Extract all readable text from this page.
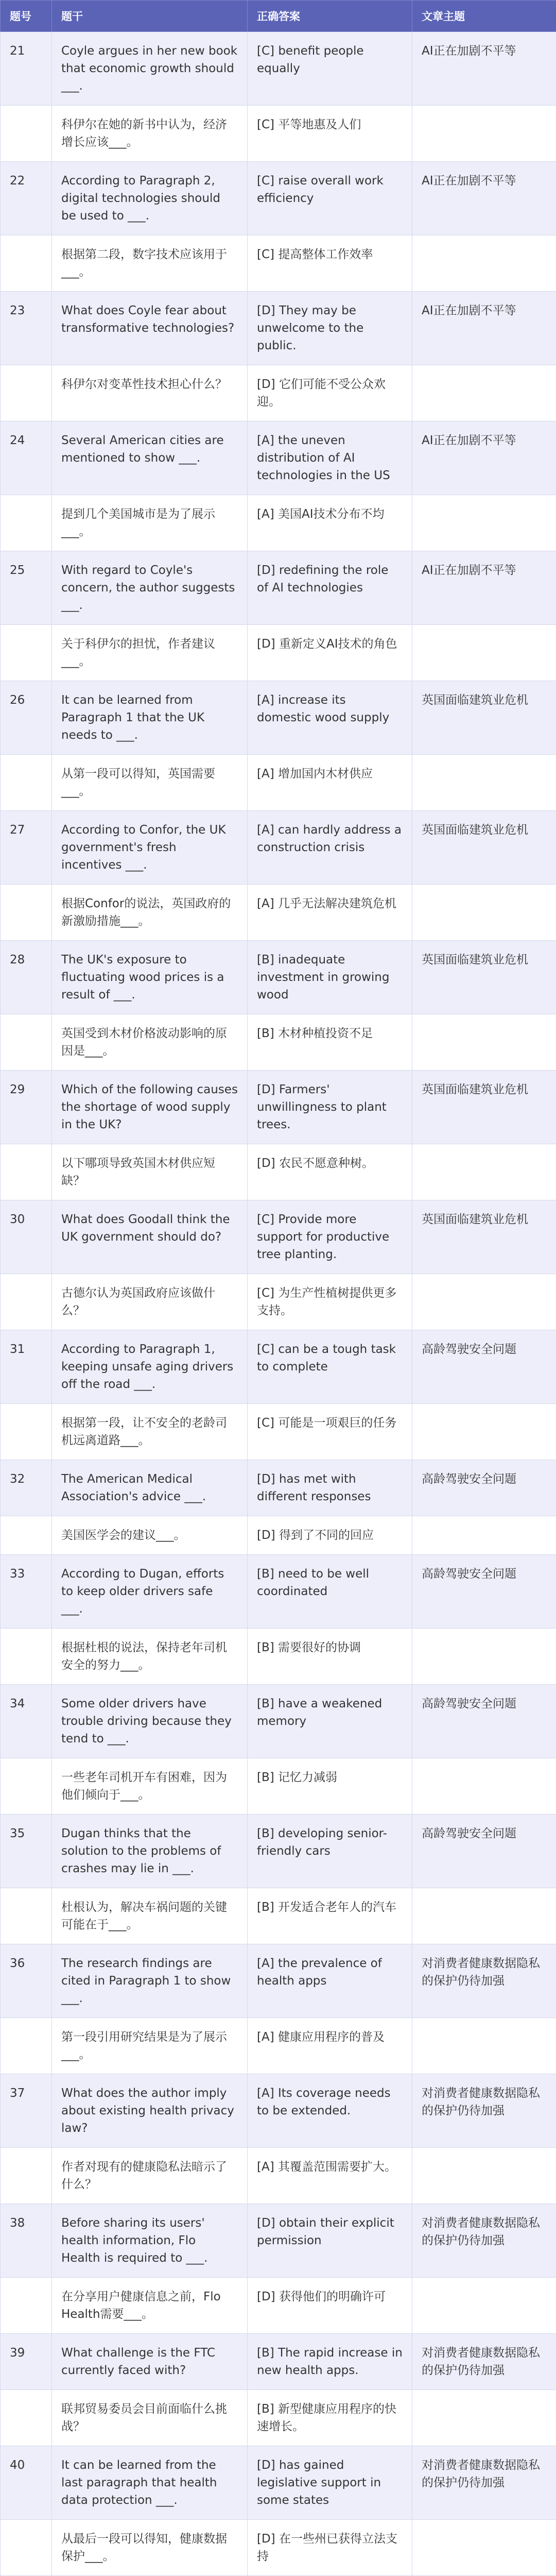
题号	题干	正确答案	文章主题
21	Coyle argues in her new book that economic growth should ___.	[C] benefit people equally	AI正在加剧不平等
	科伊尔在她的新书中认为，经济增长应该___。	[C] 平等地惠及人们	
22	According to Paragraph 2, digital technologies should be used to ___.	[C] raise overall work efficiency	AI正在加剧不平等
	根据第二段，数字技术应该用于___。	[C] 提高整体工作效率	
23	What does Coyle fear about transformative technologies?	[D] They may be unwelcome to the public.	AI正在加剧不平等
	科伊尔对变革性技术担心什么？	[D] 它们可能不受公众欢迎。	
24	Several American cities are mentioned to show ___.	[A] the uneven distribution of AI technologies in the US	AI正在加剧不平等
	提到几个美国城市是为了展示___。	[A] 美国AI技术分布不均	
25	With regard to Coyle's concern, the author suggests ___.	[D] redefining the role of AI technologies	AI正在加剧不平等
	关于科伊尔的担忧，作者建议___。	[D] 重新定义AI技术的角色	
26	It can be learned from Paragraph 1 that the UK needs to ___.	[A] increase its domestic wood supply	英国面临建筑业危机
	从第一段可以得知，英国需要___。	[A] 增加国内木材供应	
27	According to Confor, the UK government's fresh incentives ___.	[A] can hardly address a construction crisis	英国面临建筑业危机
	根据Confor的说法，英国政府的新激励措施___。	[A] 几乎无法解决建筑危机	
28	The UK's exposure to fluctuating wood prices is a result of ___.	[B] inadequate investment in growing wood	英国面临建筑业危机
	英国受到木材价格波动影响的原因是___。	[B] 木材种植投资不足	
29	Which of the following causes the shortage of wood supply in the UK?	[D] Farmers' unwillingness to plant trees.	英国面临建筑业危机
	以下哪项导致英国木材供应短缺？	[D] 农民不愿意种树。	
30	What does Goodall think the UK government should do?	[C] Provide more support for productive tree planting.	英国面临建筑业危机
	古德尔认为英国政府应该做什么？	[C] 为生产性植树提供更多支持。	
31	According to Paragraph 1, keeping unsafe aging drivers off the road ___.	[C] can be a tough task to complete	高龄驾驶安全问题
	根据第一段，让不安全的老龄司机远离道路___。	[C] 可能是一项艰巨的任务	
32	The American Medical Association's advice ___.	[D] has met with different responses	高龄驾驶安全问题
	美国医学会的建议___。	[D] 得到了不同的回应	
33	According to Dugan, efforts to keep older drivers safe ___.	[B] need to be well coordinated	高龄驾驶安全问题
	根据杜根的说法，保持老年司机安全的努力___。	[B] 需要很好的协调	
34	Some older drivers have trouble driving because they tend to ___.	[B] have a weakened memory	高龄驾驶安全问题
	一些老年司机开车有困难，因为他们倾向于___。	[B] 记忆力减弱	
35	Dugan thinks that the solution to the problems of crashes may lie in ___.	[B] developing senior-friendly cars	高龄驾驶安全问题
	杜根认为，解决车祸问题的关键可能在于___。	[B] 开发适合老年人的汽车	
36	The research findings are cited in Paragraph 1 to show ___.	[A] the prevalence of health apps	对消费者健康数据隐私的保护仍待加强
	第一段引用研究结果是为了展示___。	[A] 健康应用程序的普及	
37	What does the author imply about existing health privacy law?	[A] Its coverage needs to be extended.	对消费者健康数据隐私的保护仍待加强
	作者对现有的健康隐私法暗示了什么？	[A] 其覆盖范围需要扩大。	
38	Before sharing its users' health information, Flo Health is required to ___.	[D] obtain their explicit permission	对消费者健康数据隐私的保护仍待加强
	在分享用户健康信息之前，Flo Health需要___。	[D] 获得他们的明确许可	
39	What challenge is the FTC currently faced with?	[B] The rapid increase in new health apps.	对消费者健康数据隐私的保护仍待加强
	联邦贸易委员会目前面临什么挑战？	[B] 新型健康应用程序的快速增长。	
40	It can be learned from the last paragraph that health data protection ___.	[D] has gained legislative support in some states	对消费者健康数据隐私的保护仍待加强
	从最后一段可以得知，健康数据保护___。	[D] 在一些州已获得立法支持	
